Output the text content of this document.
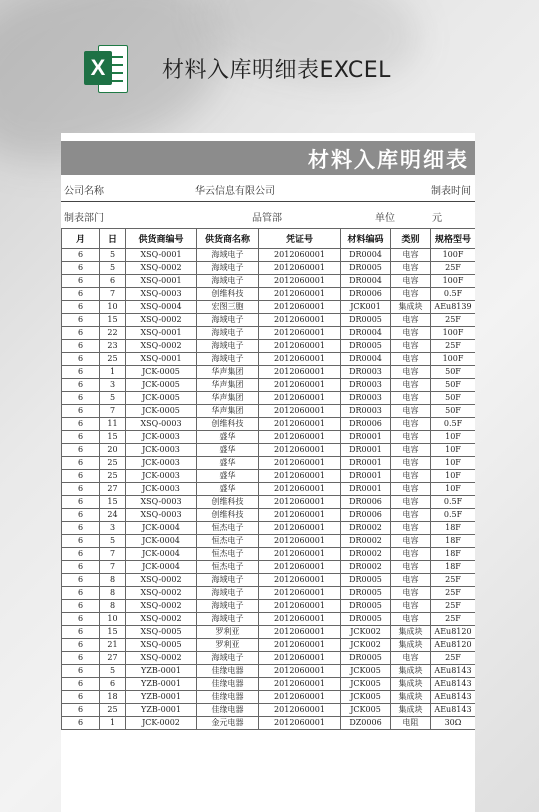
X	材料入库明细表EXCEL
材料入库明细表
公司名称	华云信息有限公司	制表时间
制表部门	品管部	单位	元
月	日	供货商编号	供货商名称	凭证号	材料编码	类别	规格型号
6	5	XSQ-0001	海域电子	2012060001	DR0004	电容	100F
6	5	XSQ-0002	海域电子	2012060001	DR0005	电容	25F
6	6	XSQ-0001	海域电子	2012060001	DR0004	电容	100F
6	7	XSQ-0003	创维科技	2012060001	DR0006	电容	0.5F
6	10	XSQ-0004	宏图三胞	2012060001	JCK001	集成块	AEu8139
6	15	XSQ-0002	海域电子	2012060001	DR0005	电容	25F
6	22	XSQ-0001	海域电子	2012060001	DR0004	电容	100F
6	23	XSQ-0002	海域电子	2012060001	DR0005	电容	25F
6	25	XSQ-0001	海域电子	2012060001	DR0004	电容	100F
6	1	JCK-0005	华声集团	2012060001	DR0003	电容	50F
6	3	JCK-0005	华声集团	2012060001	DR0003	电容	50F
6	5	JCK-0005	华声集团	2012060001	DR0003	电容	50F
6	7	JCK-0005	华声集团	2012060001	DR0003	电容	50F
6	11	XSQ-0003	创维科技	2012060001	DR0006	电容	0.5F
6	15	JCK-0003	盛华	2012060001	DR0001	电容	10F
6	20	JCK-0003	盛华	2012060001	DR0001	电容	10F
6	25	JCK-0003	盛华	2012060001	DR0001	电容	10F
6	25	JCK-0003	盛华	2012060001	DR0001	电容	10F
6	27	JCK-0003	盛华	2012060001	DR0001	电容	10F
6	15	XSQ-0003	创维科技	2012060001	DR0006	电容	0.5F
6	24	XSQ-0003	创维科技	2012060001	DR0006	电容	0.5F
6	3	JCK-0004	恒杰电子	2012060001	DR0002	电容	18F
6	5	JCK-0004	恒杰电子	2012060001	DR0002	电容	18F
6	7	JCK-0004	恒杰电子	2012060001	DR0002	电容	18F
6	7	JCK-0004	恒杰电子	2012060001	DR0002	电容	18F
6	8	XSQ-0002	海域电子	2012060001	DR0005	电容	25F
6	8	XSQ-0002	海域电子	2012060001	DR0005	电容	25F
6	8	XSQ-0002	海域电子	2012060001	DR0005	电容	25F
6	10	XSQ-0002	海域电子	2012060001	DR0005	电容	25F
6	15	XSQ-0005	罗利亚	2012060001	JCK002	集成块	AEu8120
6	21	XSQ-0005	罗利亚	2012060001	JCK002	集成块	AEu8120
6	27	XSQ-0002	海域电子	2012060001	DR0005	电容	25F
6	5	YZB-0001	佳缘电器	2012060001	JCK005	集成块	AEu8143
6	6	YZB-0001	佳缘电器	2012060001	JCK005	集成块	AEu8143
6	18	YZB-0001	佳缘电器	2012060001	JCK005	集成块	AEu8143
6	25	YZB-0001	佳缘电器	2012060001	JCK005	集成块	AEu8143
6	1	JCK-0002	金元电器	2012060001	DZ0006	电阻	30Ω
